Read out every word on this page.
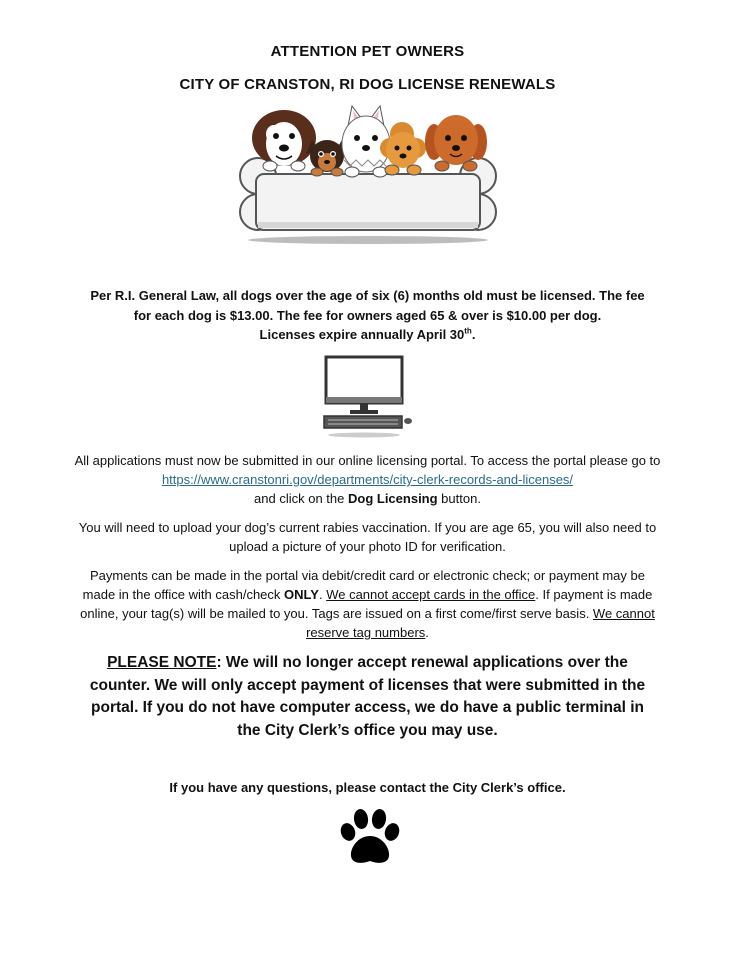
ATTENTION PET OWNERS
CITY OF CRANSTON, RI DOG LICENSE RENEWALS
Per R.I. General Law, all dogs over the age of six (6) months old must be licensed. The fee for each dog is $13.00. The fee for owners aged 65 & over is $10.00 per dog.
Licenses expire annually April 30th.
All applications must now be submitted in our online licensing portal. To access the portal please go to https://www.cranstonri.gov/departments/city-clerk-records-and-licenses/
and click on the Dog Licensing button.
You will need to upload your dog’s current rabies vaccination. If you are age 65, you will also need to upload a picture of your photo ID for verification.
Payments can be made in the portal via debit/credit card or electronic check; or payment may be made in the office with cash/check ONLY. We cannot accept cards in the office. If payment is made online, your tag(s) will be mailed to you. Tags are issued on a first come/first serve basis. We cannot reserve tag numbers.
PLEASE NOTE: We will no longer accept renewal applications over the counter. We will only accept payment of licenses that were submitted in the portal. If you do not have computer access, we do have a public terminal in the City Clerk’s office you may use.
If you have any questions, please contact the City Clerk’s office.
